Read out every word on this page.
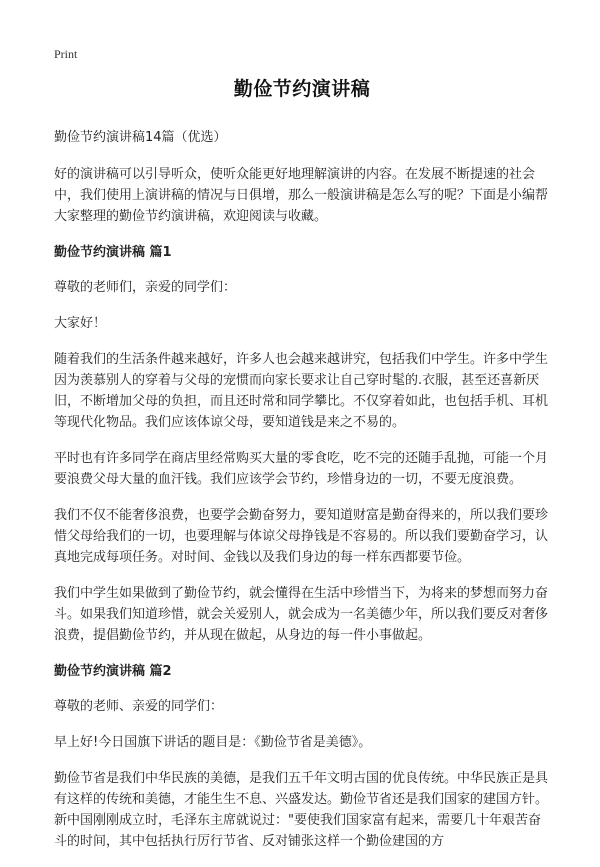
Print
勤俭节约演讲稿
勤俭节约演讲稿14篇（优选）

好的演讲稿可以引导听众，使听众能更好地理解演讲的内容。在发展不断提速的社会中，我们使用上演讲稿的情况与日俱增，那么一般演讲稿是怎么写的呢？下面是小编帮大家整理的勤俭节约演讲稿，欢迎阅读与收藏。

勤俭节约演讲稿 篇1

尊敬的老师们，亲爱的同学们：

大家好！

随着我们的生活条件越来越好，许多人也会越来越讲究，包括我们中学生。许多中学生因为羡慕别人的穿着与父母的宠惯而向家长要求让自己穿时髦的.衣服，甚至还喜新厌旧，不断增加父母的负担，而且还时常和同学攀比。不仅穿着如此，也包括手机、耳机等现代化物品。我们应该体谅父母，要知道钱是来之不易的。

平时也有许多同学在商店里经常购买大量的零食吃，吃不完的还随手乱抛，可能一个月要浪费父母大量的血汗钱。我们应该学会节约，珍惜身边的一切，不要无度浪费。

我们不仅不能奢侈浪费，也要学会勤奋努力，要知道财富是勤奋得来的，所以我们要珍惜父母给我们的一切，也要理解与体谅父母挣钱是不容易的。所以我们要勤奋学习，认真地完成每项任务。对时间、金钱以及我们身边的每一样东西都要节俭。

我们中学生如果做到了勤俭节约，就会懂得在生活中珍惜当下，为将来的梦想而努力奋斗。如果我们知道珍惜，就会关爱别人，就会成为一名美德少年，所以我们要反对奢侈浪费，提倡勤俭节约，并从现在做起，从身边的每一件小事做起。

勤俭节约演讲稿 篇2

尊敬的老师、亲爱的同学们：

早上好!今日国旗下讲话的题目是：《勤俭节省是美德》。

勤俭节省是我们中华民族的美德，是我们五千年文明古国的优良传统。中华民族正是具有这样的传统和美德，才能生生不息、兴盛发达。勤俭节省还是我们国家的建国方针。新中国刚刚成立时，毛泽东主席就说过："要使我们国家富有起来，需要几十年艰苦奋斗的时间，其中包括执行厉行节省、反对铺张这样一个勤俭建国的方
